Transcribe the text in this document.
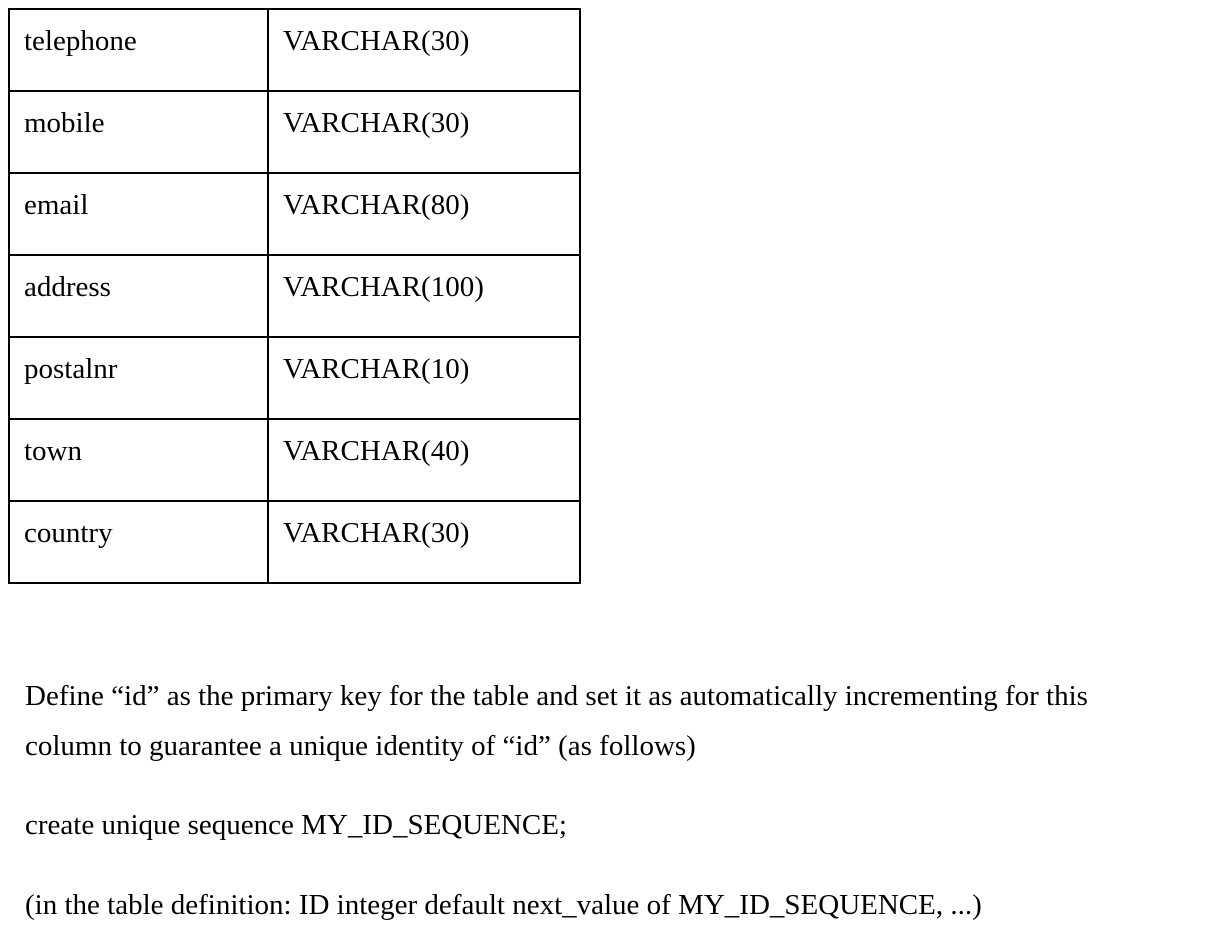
telephone	VARCHAR(30)
mobile	VARCHAR(30)
email	VARCHAR(80)
address	VARCHAR(100)
postalnr	VARCHAR(10)
town	VARCHAR(40)
country	VARCHAR(30)

Define “id” as the primary key for the table and set it as automatically incrementing for this
column to guarantee a unique identity of “id” (as follows)

create unique sequence MY_ID_SEQUENCE;

(in the table definition: ID integer default next_value of MY_ID_SEQUENCE, ...)
